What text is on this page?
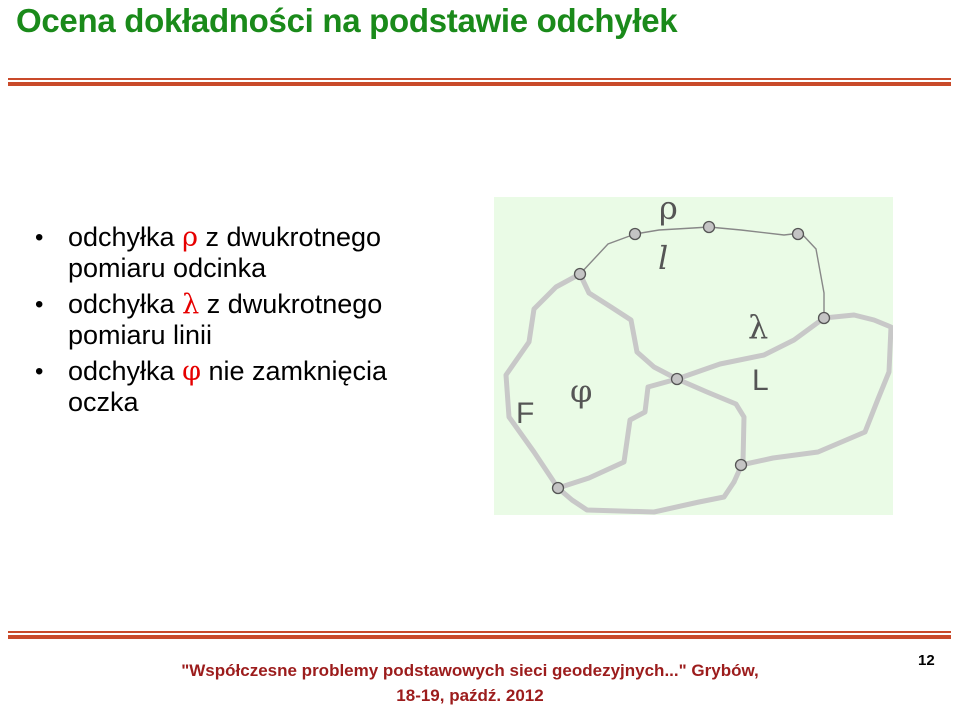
Ocena dokładności na podstawie odchyłek
• odchyłka ρ z dwukrotnego pomiaru odcinka
• odchyłka λ z dwukrotnego pomiaru linii
• odchyłka φ nie zamknięcia oczka
ρ
l
λ
L
φ
F
"Współczesne problemy podstawowych sieci geodezyjnych..." Grybów,
18-19, paźdź. 2012
12
